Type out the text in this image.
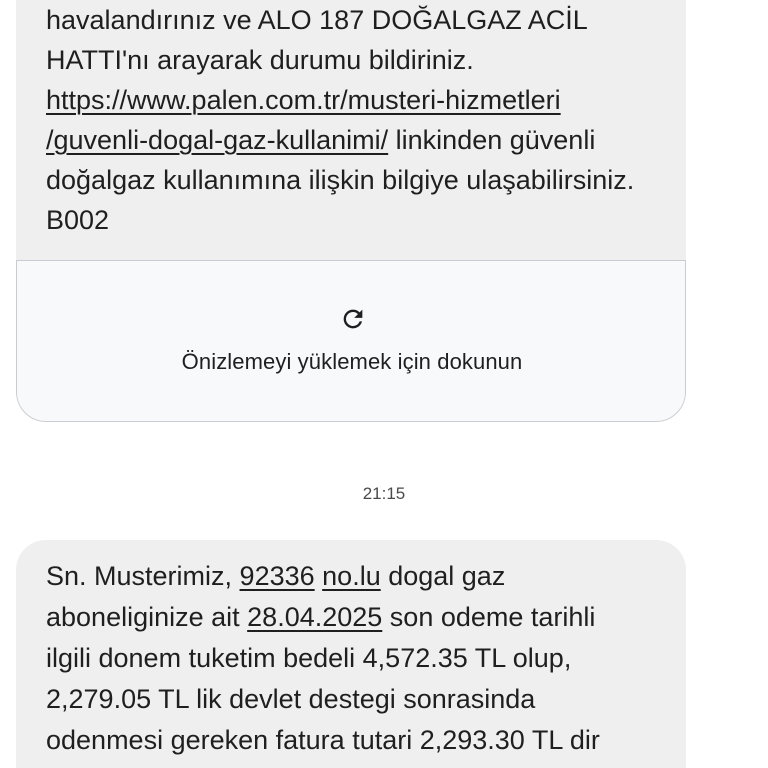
havalandırınız ve ALO 187 DOĞALGAZ ACİL
HATTI'nı arayarak durumu bildiriniz.
https://www.palen.com.tr/musteri-hizmetleri
/guvenli-dogal-gaz-kullanimi/ linkinden güvenli
doğalgaz kullanımına ilişkin bilgiye ulaşabilirsiniz.
B002

Önizlemeyi yüklemek için dokunun
21:15

Sn. Musterimiz, 92336 no.lu dogal gaz
aboneliginize ait 28.04.2025 son odeme tarihli
ilgili donem tuketim bedeli 4,572.35 TL olup,
2,279.05 TL lik devlet destegi sonrasinda
odenmesi gereken fatura tutari 2,293.30 TL dir
